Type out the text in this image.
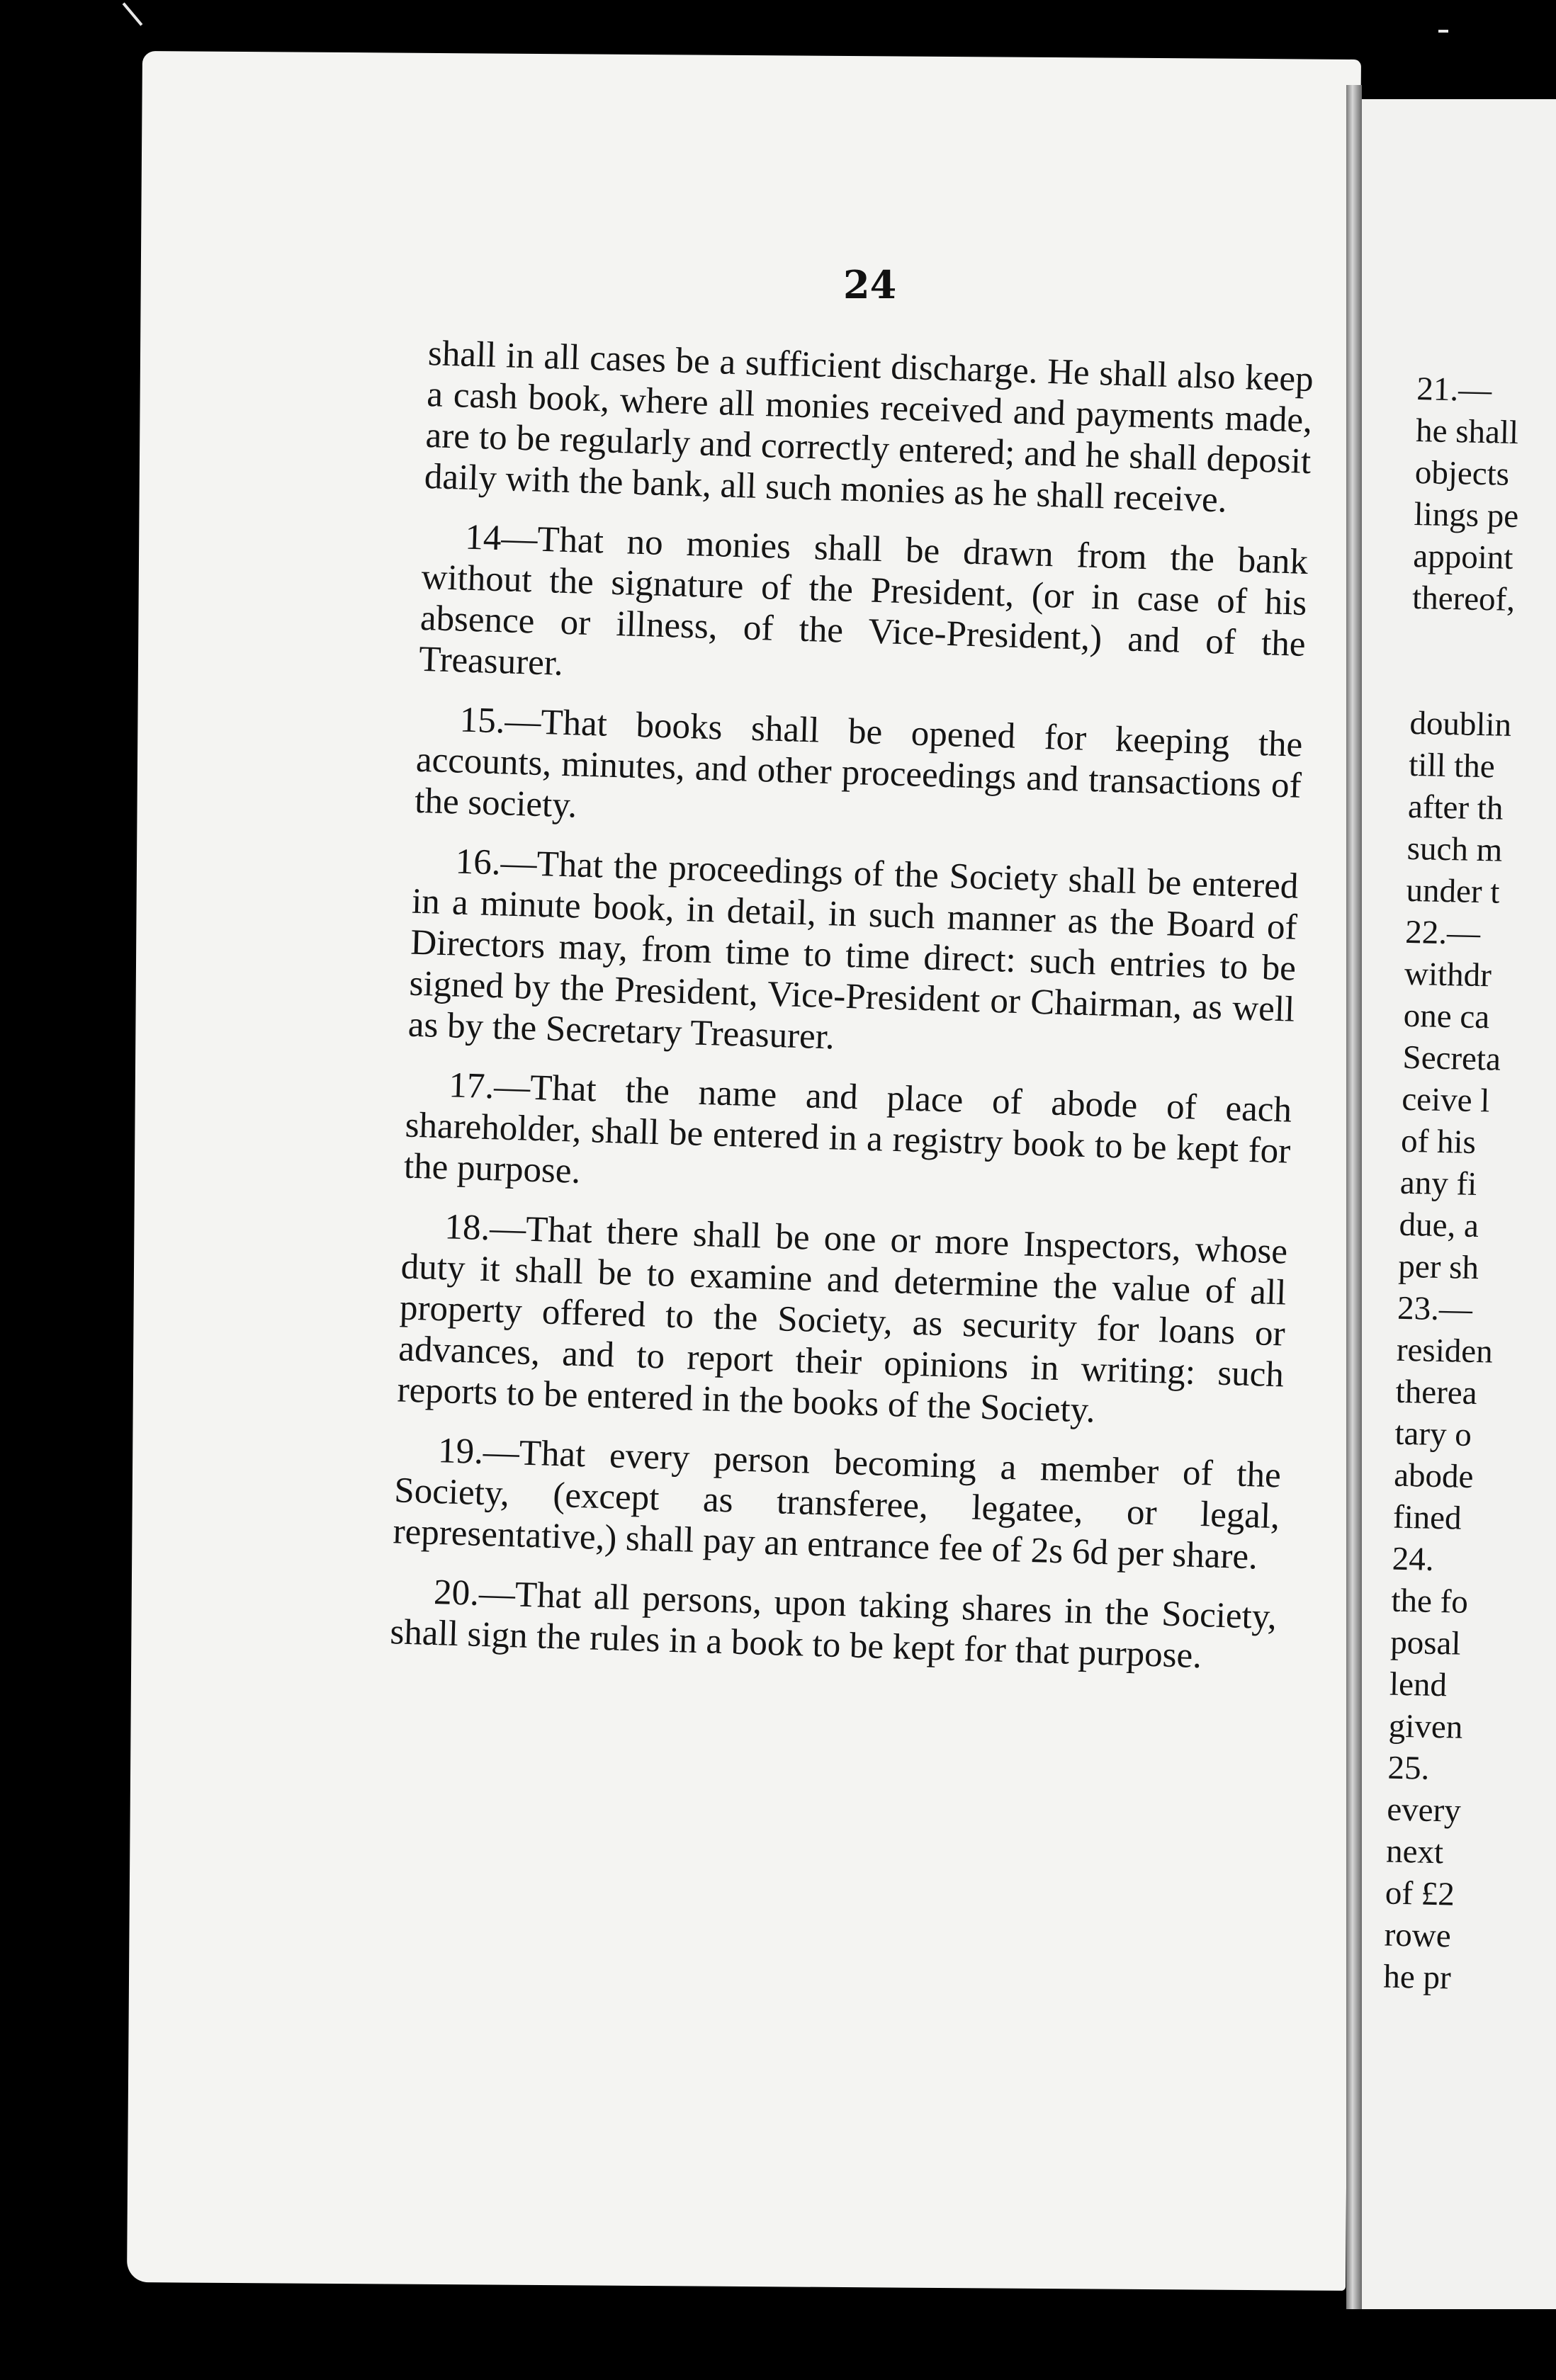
24

shall in all cases be a sufficient discharge. He shall also keep a cash book, where all monies received and payments made, are to be regularly and correctly entered; and he shall deposit daily with the bank, all such monies as he shall receive.

14—That no monies shall be drawn from the bank without the signature of the President, (or in case of his absence or illness, of the Vice-President,) and of the Treasurer.

15.—That books shall be opened for keeping the accounts, minutes, and other proceedings and transactions of the society.

16.—That the proceedings of the Society shall be entered in a minute book, in detail, in such manner as the Board of Directors may, from time to time direct: such entries to be signed by the President, Vice-President or Chairman, as well as by the Secretary Treasurer.

17.—That the name and place of abode of each shareholder, shall be entered in a registry book to be kept for the purpose.

18.—That there shall be one or more Inspectors, whose duty it shall be to examine and determine the value of all property offered to the Society, as security for loans or advances, and to report their opinions in writing: such reports to be entered in the books of the Society.

19.—That every person becoming a member of the Society, (except as transferee, legatee, or legal, representative,) shall pay an entrance fee of 2s 6d per share.

20.—That all persons, upon taking shares in the Society, shall sign the rules in a book to be kept for that purpose.

21.—
he shall
objects
lings pe
appoint
thereof,
doublin
till the
after th
such m
under t
22.—
withdr
one ca
Secreta
ceive l
of his
any fi
due, a
per sh
23.—
residen
therea
tary o
abode
fined
24.
the fo
posal
lend
given
25.
every
next
of £2
rowe
he pr
